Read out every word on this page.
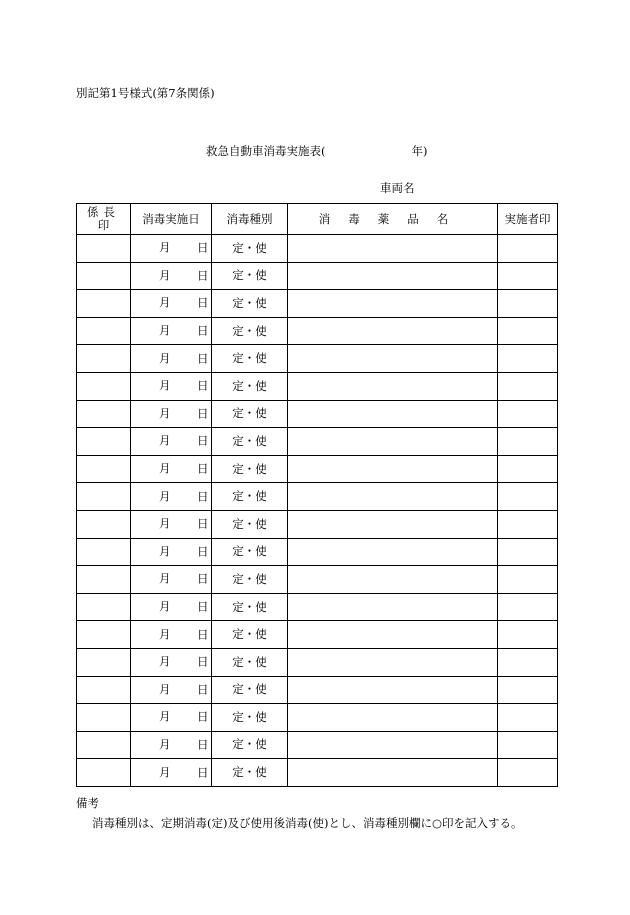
別記第1号様式(第7条関係)
救急自動車消毒実施表(	年)
車両名
係長
印	消毒実施日	消毒種別	消毒薬品名	実施者印

	月 日	定・使		

	月 日	定・使		

	月 日	定・使		

	月 日	定・使		

	月 日	定・使		

	月 日	定・使		

	月 日	定・使		

	月 日	定・使		

	月 日	定・使		

	月 日	定・使		

	月 日	定・使		

	月 日	定・使		

	月 日	定・使		

	月 日	定・使		

	月 日	定・使		

	月 日	定・使		

	月 日	定・使		

	月 日	定・使		

	月 日	定・使		

	月 日	定・使		
備考
消毒種別は、定期消毒(定)及び使用後消毒(使)とし、消毒種別欄に○印を記入する。
